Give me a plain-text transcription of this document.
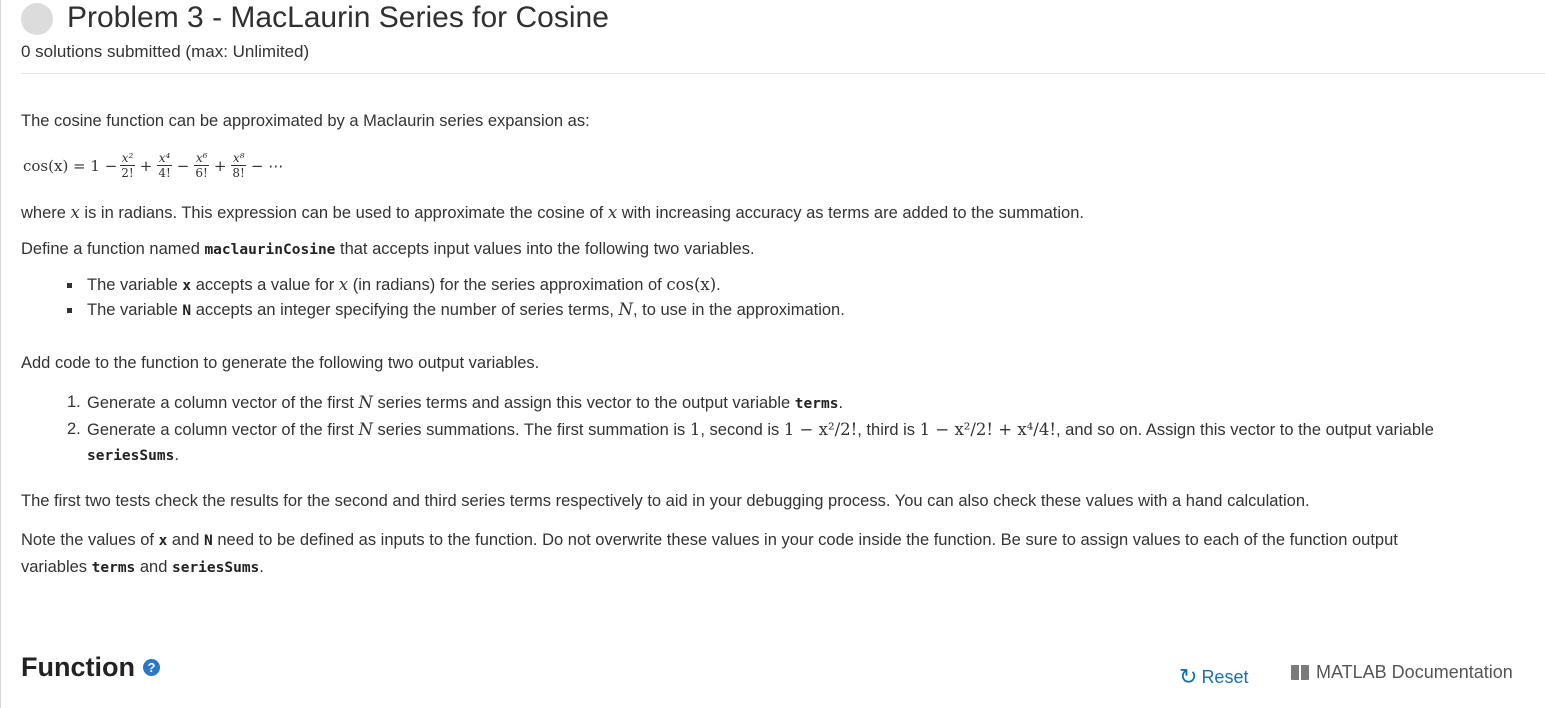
Problem 3 - MacLaurin Series for Cosine
0 solutions submitted (max: Unlimited)

The cosine function can be approximated by a Maclaurin series expansion as:

$\cos(x) = 1 - \frac{\text{x²}}{2!} + \frac{\text{x⁴}}{4!} - \frac{\text{x⁶}}{6!} + \frac{\text{x⁸}}{8!}$ − ⋯

where x is in radians. This expression can be used to approximate the cosine of x with increasing accuracy as terms are added to the summation.

Define a function named maclaurinCosine that accepts input values into the following two variables.

The variable x accepts a value for x (in radians) for the series approximation of cos(x).
The variable N accepts an integer specifying the number of series terms, N, to use in the approximation.

Add code to the function to generate the following two output variables.

1. Generate a column vector of the first N series terms and assign this vector to the output variable terms.
2. Generate a column vector of the first N series summations. The first summation is 1, second is 1 − x²/2!, third is 1 − x²/2! + x⁴/4!, and so on. Assign this vector to the output variable seriesSums.

The first two tests check the results for the second and third series terms respectively to aid in your debugging process. You can also check these values with a hand calculation.

Note the values of x and N need to be defined as inputs to the function. Do not overwrite these values in your code inside the function. Be sure to assign values to each of the function output variables terms and seriesSums.

Function ?	↻ Reset	MATLAB Documentation
